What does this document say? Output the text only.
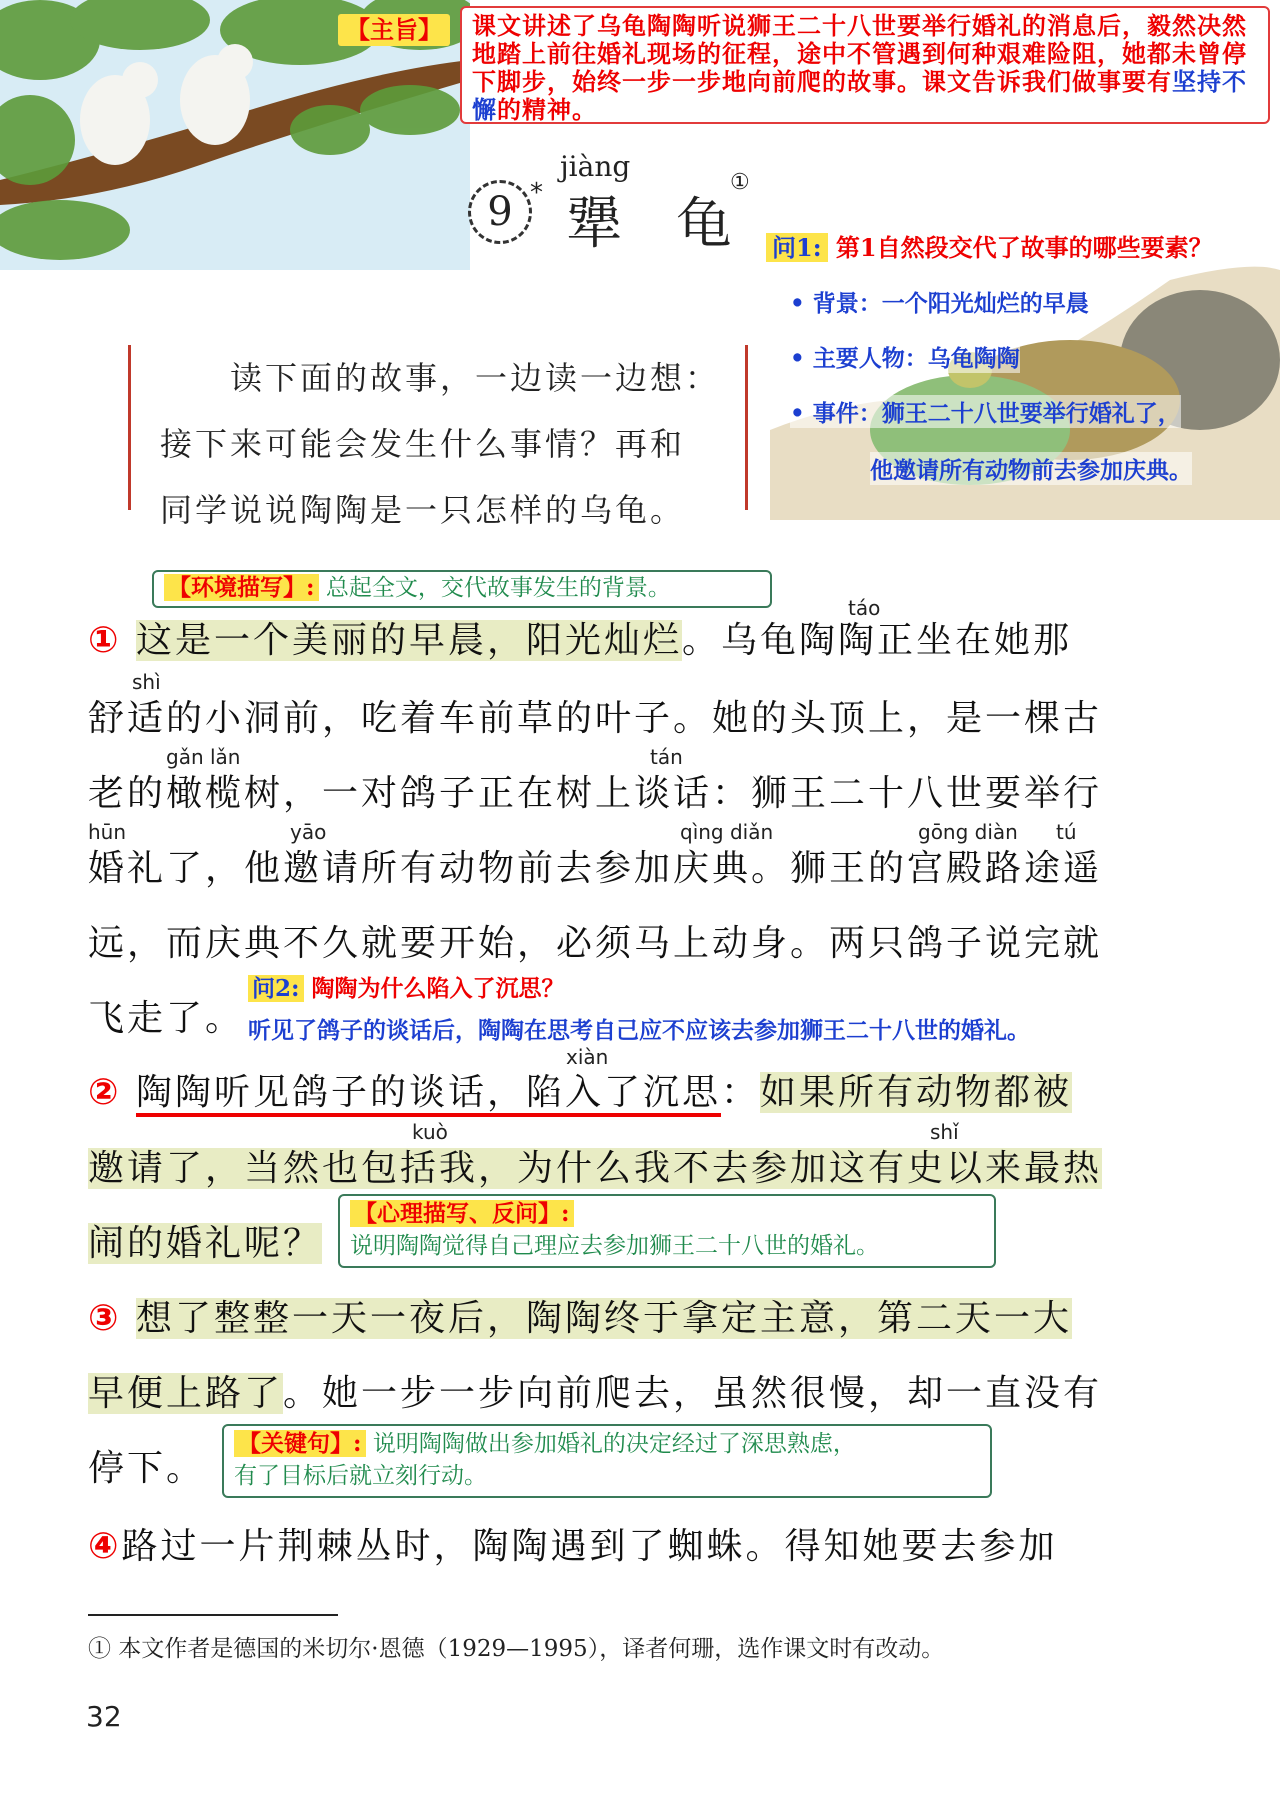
【主旨】	课文讲述了乌龟陶陶听说狮王二十八世要举行婚礼的消息后，毅然决然地踏上前往婚礼现场的征程，途中不管遇到何种艰难险阻，她都未曾停下脚步，始终一步一步地向前爬的故事。课文告诉我们做事要有坚持不懈的精神。
9 *
jiàng
犟 龟
①
问1: 第1自然段交代了故事的哪些要素？
• 背景：一个阳光灿烂的早晨
• 主要人物：乌龟陶陶
• 事件：狮王二十八世要举行婚礼了，
他邀请所有动物前去参加庆典。
读下面的故事，一边读一边想：
接下来可能会发生什么事情？再和
同学说说陶陶是一只怎样的乌龟。
【环境描写】: 总起全文，交代故事发生的背景。
táo
① 这是一个美丽的早晨，阳光灿烂。乌龟陶陶正坐在她那
shì
舒适的小洞前，吃着车前草的叶子。她的头顶上，是一棵古
gǎn lǎn	tán
老的橄榄树，一对鸽子正在树上谈话：狮王二十八世要举行
hūn	yāo	qìng diǎn	gōng diàn tú
婚礼了，他邀请所有动物前去参加庆典。狮王的宫殿路途遥
远，而庆典不久就要开始，必须马上动身。两只鸽子说完就
问2: 陶陶为什么陷入了沉思？
飞走了。 听见了鸽子的谈话后，陶陶在思考自己应不应该去参加狮王二十八世的婚礼。
xiàn
② 陶陶听见鸽子的谈话，陷入了沉思：如果所有动物都被
kuò	shǐ
邀请了，当然也包括我，为什么我不去参加这有史以来最热
闹的婚礼呢？
【心理描写、反问】:
说明陶陶觉得自己理应去参加狮王二十八世的婚礼。
③ 想了整整一天一夜后，陶陶终于拿定主意，第二天一大
早便上路了。她一步一步向前爬去，虽然很慢，却一直没有
停下。
【关键句】: 说明陶陶做出参加婚礼的决定经过了深思熟虑，
有了目标后就立刻行动。
④路过一片荆棘丛时，陶陶遇到了蜘蛛。得知她要去参加
① 本文作者是德国的米切尔·恩德（1929—1995），译者何珊，选作课文时有改动。
32
